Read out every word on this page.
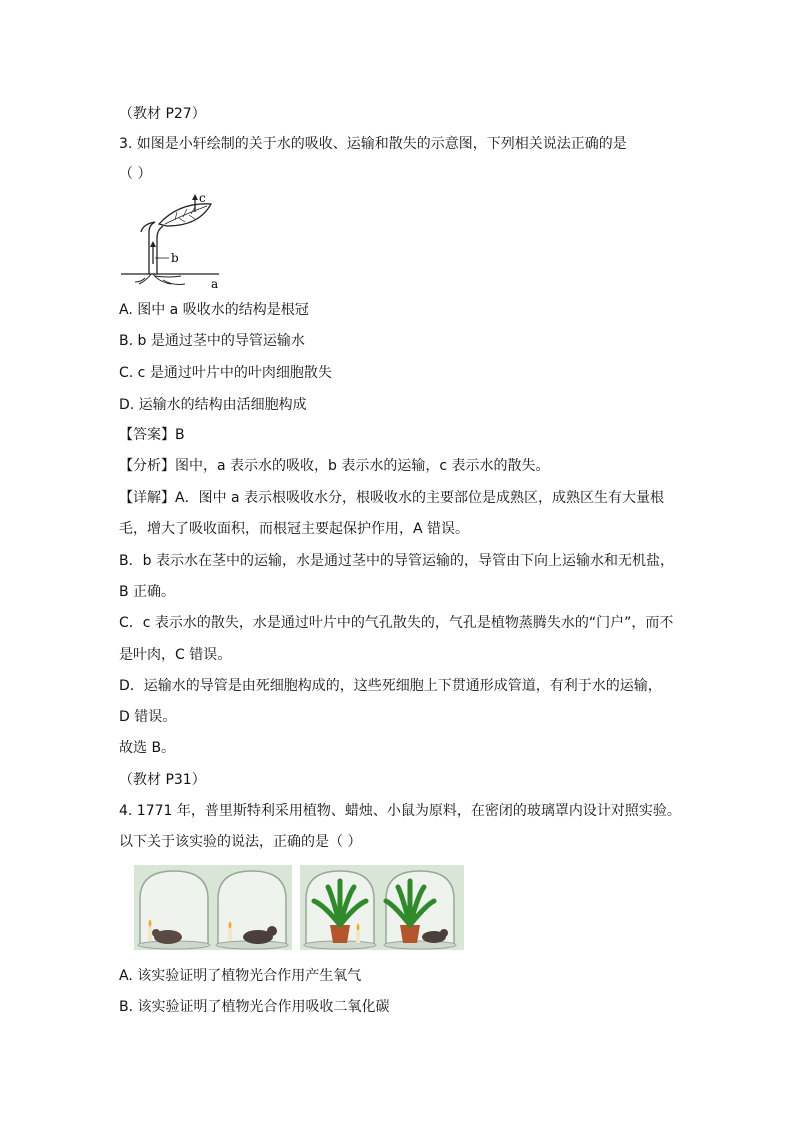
（教材 P27）
3. 如图是小轩绘制的关于水的吸收、运输和散失的示意图，下列相关说法正确的是
（ ）
b
c
a
A. 图中 a 吸收水的结构是根冠
B. b 是通过茎中的导管运输水
C. c 是通过叶片中的叶肉细胞散失
D. 运输水的结构由活细胞构成
【答案】B
【分析】图中，a 表示水的吸收，b 表示水的运输，c 表示水的散失。
【详解】A．图中 a 表示根吸收水分，根吸收水的主要部位是成熟区，成熟区生有大量根
毛，增大了吸收面积，而根冠主要起保护作用，A 错误。
B．b 表示水在茎中的运输，水是通过茎中的导管运输的，导管由下向上运输水和无机盐，
B 正确。
C．c 表示水的散失，水是通过叶片中的气孔散失的，气孔是植物蒸腾失水的“门户”，而不
是叶肉，C 错误。
D．运输水的导管是由死细胞构成的，这些死细胞上下贯通形成管道，有利于水的运输，
D 错误。
故选 B。
（教材 P31）
4. 1771 年，普里斯特利采用植物、蜡烛、小鼠为原料，在密闭的玻璃罩内设计对照实验。
以下关于该实验的说法，正确的是（ ）
A. 该实验证明了植物光合作用产生氧气
B. 该实验证明了植物光合作用吸收二氧化碳
